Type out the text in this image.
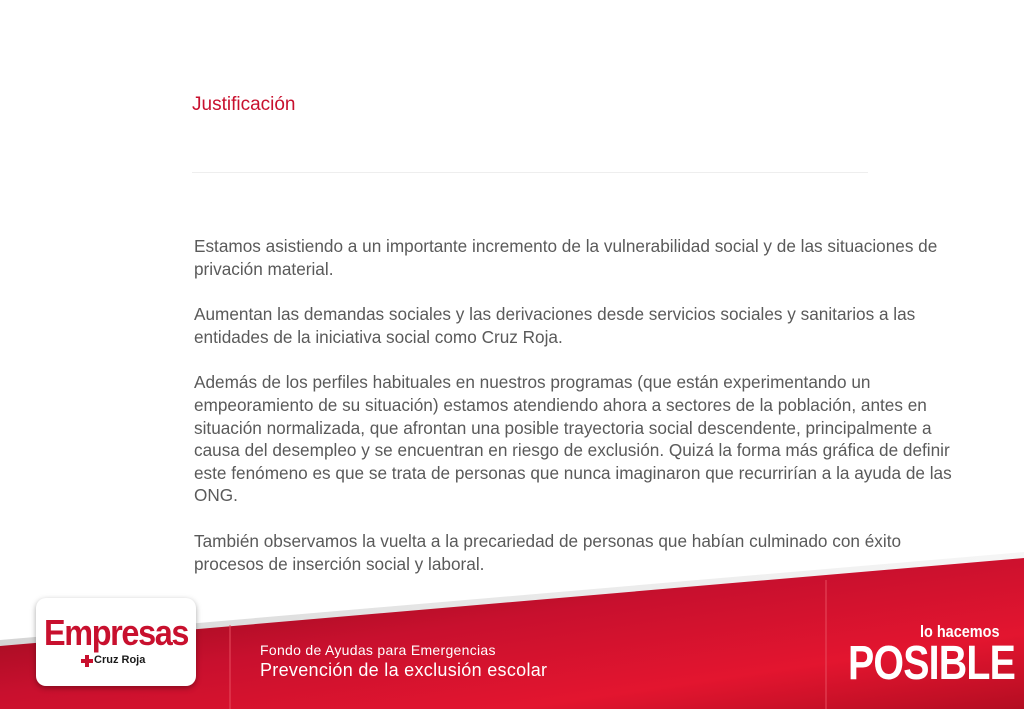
Justificación

Estamos asistiendo a un importante incremento de la vulnerabilidad social y de las situaciones de privación material.

Aumentan las demandas sociales y las derivaciones desde servicios sociales y sanitarios a las entidades de la iniciativa social como Cruz Roja.

Además de los perfiles habituales en nuestros programas (que están experimentando un empeoramiento de su situación) estamos atendiendo ahora a sectores de la población, antes en situación normalizada, que afrontan una posible trayectoria social descendente, principalmente a causa del desempleo y se encuentran en riesgo de exclusión. Quizá la forma más gráfica de definir este fenómeno es que se trata de personas que nunca imaginaron que recurrirían a la ayuda de las ONG.

También observamos la vuelta a la precariedad de personas que habían culminado con éxito procesos de inserción social y laboral.

Empresas
Cruz Roja
Fondo de Ayudas para Emergencias
Prevención de la exclusión escolar
lo hacemos
POSIBLE
